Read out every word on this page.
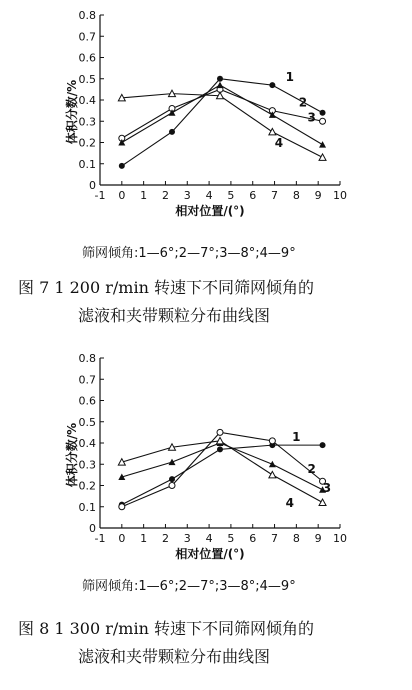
-1 0 1 2 3 4 5 6 7 8 9 10
0
0.1
0.2
0.3
0.4
0.5
0.6
0.7
0.8
相对位置/(°)
体积分数/%
1
2
3
4
筛网倾角:1—6°;2—7°;3—8°;4—9°
图 7 1 200 r/min 转速下不同筛网倾角的
滤液和夹带颗粒分布曲线图
-1 0 1 2 3 4 5 6 7 8 9 10
0
0.1
0.2
0.3
0.4
0.5
0.6
0.7
0.8
相对位置/(°)
体积分数/%	1
2
3
4
筛网倾角:1—6°;2—7°;3—8°;4—9°
图 8 1 300 r/min 转速下不同筛网倾角的
滤液和夹带颗粒分布曲线图
